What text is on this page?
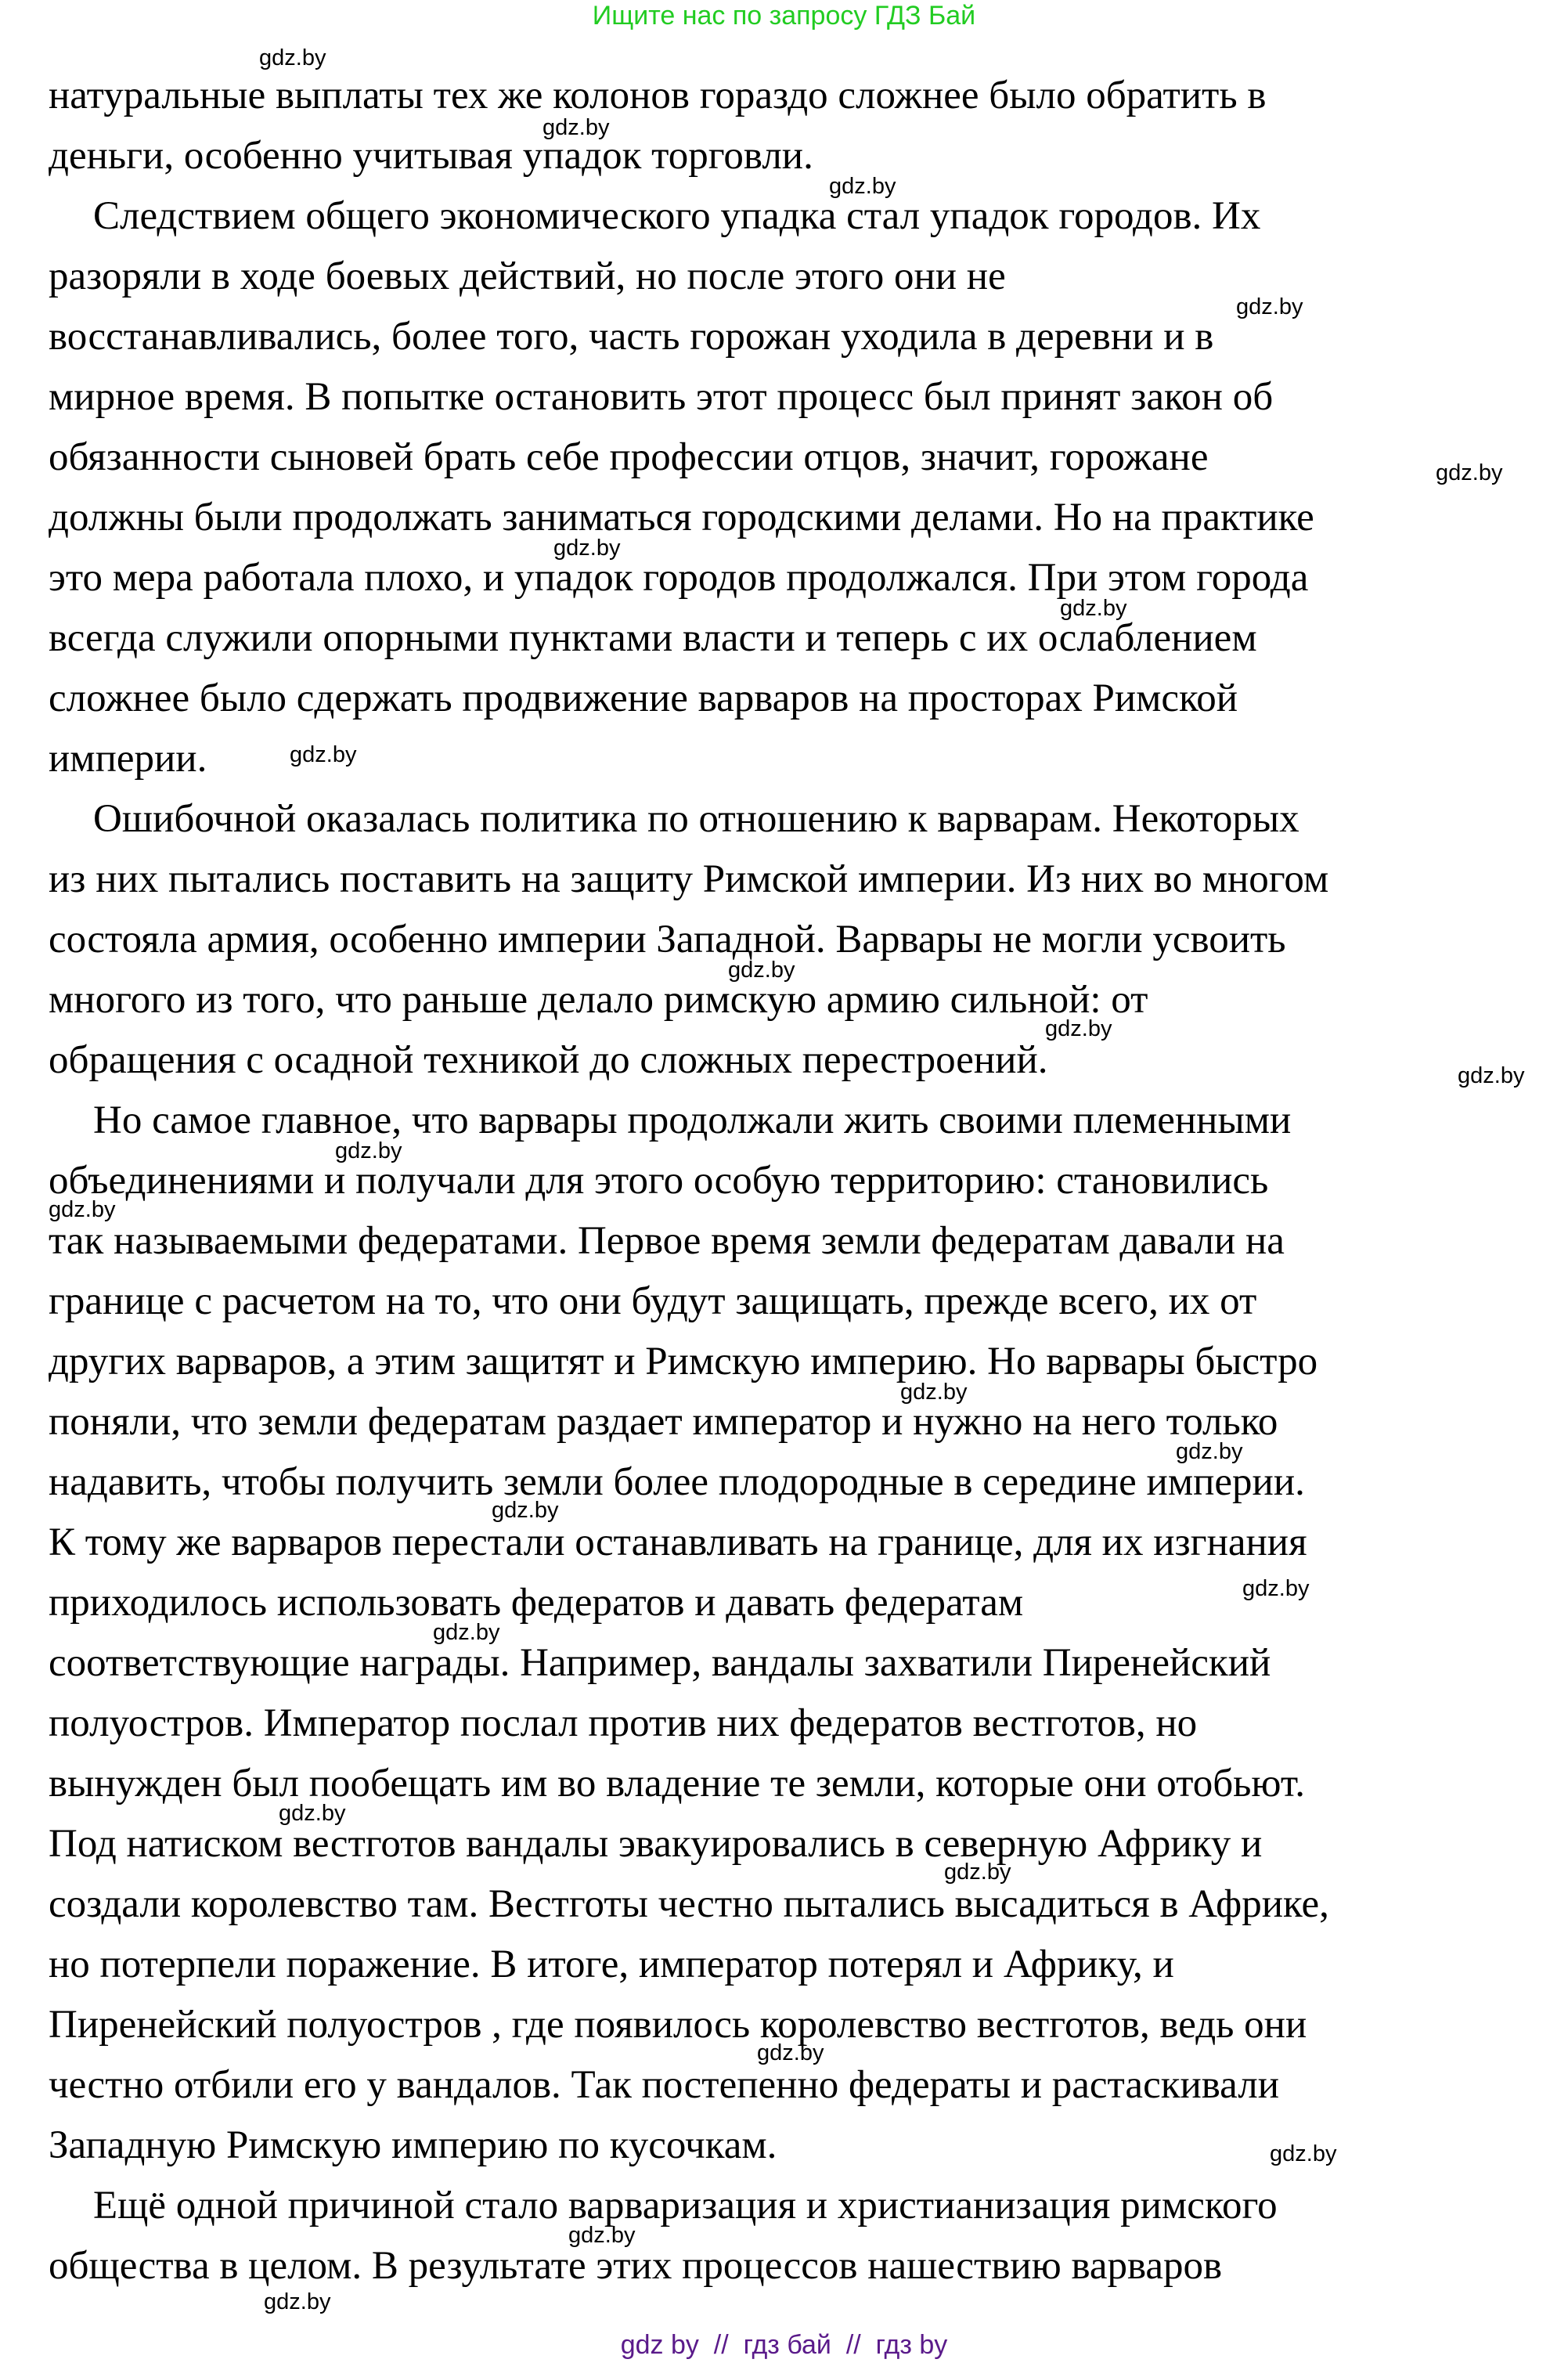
Ищите нас по запросу ГДЗ Бай
натуральные выплаты тех же колонов гораздо сложнее было обратить в
деньги, особенно учитывая упадок торговли.
Следствием общего экономического упадка стал упадок городов. Их
разоряли в ходе боевых действий, но после этого они не
восстанавливались, более того, часть горожан уходила в деревни и в
мирное время. В попытке остановить этот процесс был принят закон об
обязанности сыновей брать себе профессии отцов, значит, горожане
должны были продолжать заниматься городскими делами. Но на практике
это мера работала плохо, и упадок городов продолжался. При этом города
всегда служили опорными пунктами власти и теперь с их ослаблением
сложнее было сдержать продвижение варваров на просторах Римской
империи.
Ошибочной оказалась политика по отношению к варварам. Некоторых
из них пытались поставить на защиту Римской империи. Из них во многом
состояла армия, особенно империи Западной. Варвары не могли усвоить
многого из того, что раньше делало римскую армию сильной: от
обращения с осадной техникой до сложных перестроений.
Но самое главное, что варвары продолжали жить своими племенными
объединениями и получали для этого особую территорию: становились
так называемыми федератами. Первое время земли федератам давали на
границе с расчетом на то, что они будут защищать, прежде всего, их от
других варваров, а этим защитят и Римскую империю. Но варвары быстро
поняли, что земли федератам раздает император и нужно на него только
надавить, чтобы получить земли более плодородные в середине империи.
К тому же варваров перестали останавливать на границе, для их изгнания
приходилось использовать федератов и давать федератам
соответствующие награды. Например, вандалы захватили Пиренейский
полуостров. Император послал против них федератов вестготов, но
вынужден был пообещать им во владение те земли, которые они отобьют.
Под натиском вестготов вандалы эвакуировались в северную Африку и
создали королевство там. Вестготы честно пытались высадиться в Африке,
но потерпели поражение. В итоге, император потерял и Африку, и
Пиренейский полуостров , где появилось королевство вестготов, ведь они
честно отбили его у вандалов. Так постепенно федераты и растаскивали
Западную Римскую империю по кусочкам.
Ещё одной причиной стало варваризация и христианизация римского
общества в целом. В результате этих процессов нашествию варваров
gdz.by
gdz.by
gdz.by
gdz.by
gdz.by
gdz.by
gdz.by
gdz.by
gdz.by
gdz.by
gdz.by
gdz.by
gdz.by
gdz.by
gdz.by
gdz.by
gdz.by
gdz.by
gdz.by
gdz.by
gdz.by
gdz.by
gdz.by
gdz.by
gdz by  //  гдз бай  //  гдз by
